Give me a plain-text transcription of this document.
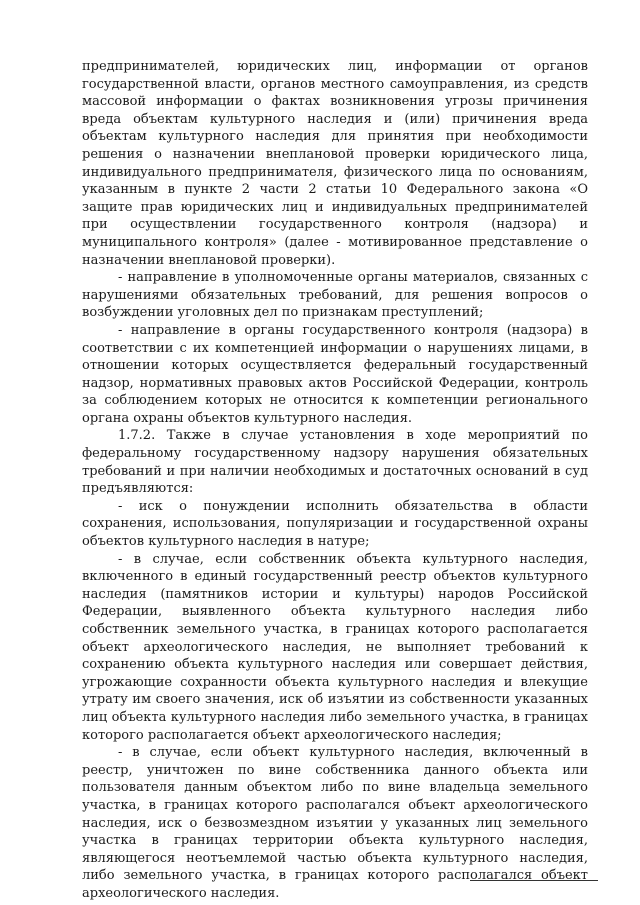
предпринимателей, юридических лиц, информации от органов государственной власти, органов местного самоуправления, из средств массовой информации о фактах возникновения угрозы причинения вреда объектам культурного наследия и (или) причинения вреда объектам культурного наследия для принятия при необходимости решения о назначении внеплановой проверки юридического лица, индивидуального предпринимателя, физического лица по основаниям, указанным в пункте 2 части 2 статьи 10 Федерального закона «О защите прав юридических лиц и индивидуальных предпринимателей при осуществлении государственного контроля (надзора) и муниципального контроля» (далее - мотивированное представление о назначении внеплановой проверки).

- направление в уполномоченные органы материалов, связанных с нарушениями обязательных требований, для решения вопросов о возбуждении уголовных дел по признакам преступлений;

- направление в органы государственного контроля (надзора) в соответствии с их компетенцией информации о нарушениях лицами, в отношении которых осуществляется федеральный государственный надзор, нормативных правовых актов Российской Федерации, контроль за соблюдением которых не относится к компетенции регионального органа охраны объектов культурного наследия.

1.7.2. Также в случае установления в ходе мероприятий по федеральному государственному надзору нарушения обязательных требований и при наличии необходимых и достаточных оснований в суд предъявляются:

- иск о понуждении исполнить обязательства в области сохранения, использования, популяризации и государственной охраны объектов культурного наследия в натуре;

- в случае, если собственник объекта культурного наследия, включенного в единый государственный реестр объектов культурного наследия (памятников истории и культуры) народов Российской Федерации, выявленного объекта культурного наследия либо собственник земельного участка, в границах которого располагается объект археологического наследия, не выполняет требований к сохранению объекта культурного наследия или совершает действия, угрожающие сохранности объекта культурного наследия и влекущие утрату им своего значения, иск об изъятии из собственности указанных лиц объекта культурного наследия либо земельного участка, в границах которого располагается объект археологического наследия;

- в случае, если объект культурного наследия, включенный в реестр, уничтожен по вине собственника данного объекта или пользователя данным объектом либо по вине владельца земельного участка, в границах которого располагался объект археологического наследия, иск о безвозмездном изъятии у указанных лиц земельного участка в границах территории объекта культурного наследия, являющегося неотъемлемой частью объекта культурного наследия, либо земельного участка, в границах которого располагался объект археологического наследия.
